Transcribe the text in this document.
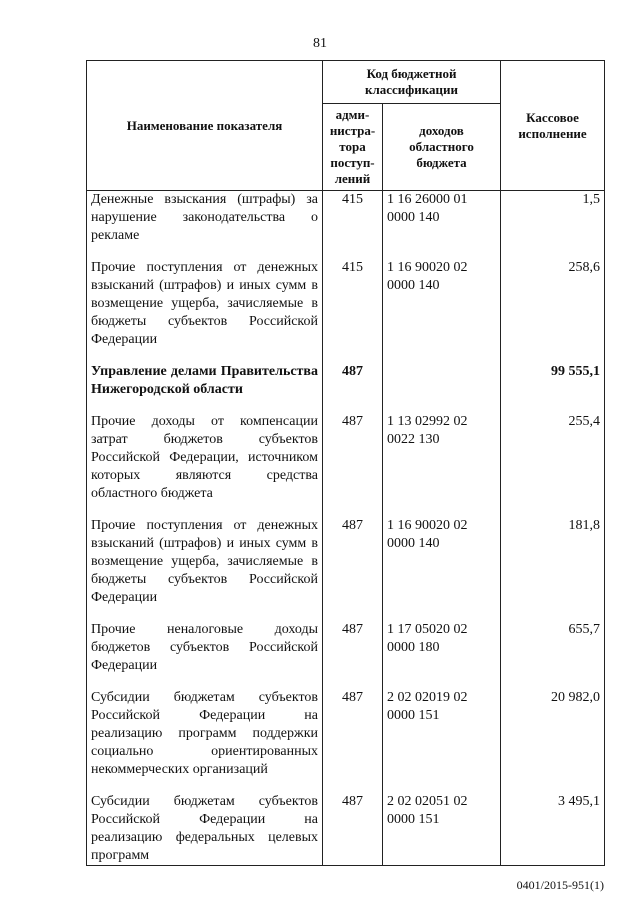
81
Наименование показателя	Код бюджетной классификации		Кассовое исполнение
	адми-нистра-тора поступ-лений	доходов областного бюджета	
Денежные взыскания (штрафы) за нарушение законодательства о рекламе	415	1 16 26000 01 0000 140	1,5

Прочие поступления от денежных взысканий (штрафов) и иных сумм в возмещение ущерба, зачисляемые в бюджеты субъектов Российской Федерации	415	1 16 90020 02 0000 140	258,6

Управление делами Правительства Нижегородской области	487		99 555,1

Прочие доходы от компенсации затрат бюджетов субъектов Российской Федерации, источником которых являются средства областного бюджета	487	1 13 02992 02 0022 130	255,4

Прочие поступления от денежных взысканий (штрафов) и иных сумм в возмещение ущерба, зачисляемые в бюджеты субъектов Российской Федерации	487	1 16 90020 02 0000 140	181,8

Прочие неналоговые доходы бюджетов субъектов Российской Федерации	487	1 17 05020 02 0000 180	655,7

Субсидии бюджетам субъектов Российской Федерации на реализацию программ поддержки социально ориентированных некоммерческих организаций	487	2 02 02019 02 0000 151	20 982,0

Субсидии бюджетам субъектов Российской Федерации на реализацию федеральных целевых программ	487	2 02 02051 02 0000 151	3 495,1
0401/2015-951(1)
